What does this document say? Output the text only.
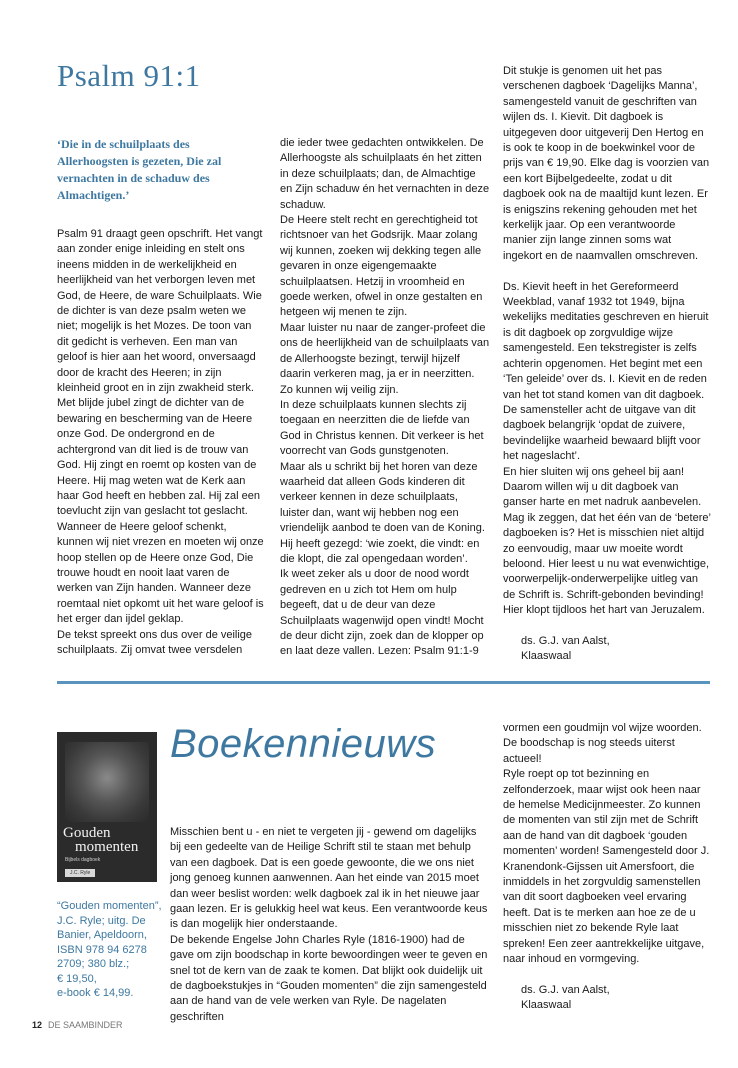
Psalm 91:1

‘Die in de schuilplaats des Allerhoogsten is gezeten, Die zal vernachten in de schaduw des Almachtigen.’

Psalm 91 draagt geen opschrift. Het vangt aan zonder enige inleiding en stelt ons ineens midden in de werkelijkheid en heerlijkheid van het verborgen leven met God, de Heere, de ware Schuilplaats. Wie de dichter is van deze psalm weten we niet; mogelijk is het Mozes. De toon van dit gedicht is verheven. Een man van geloof is hier aan het woord, onversaagd door de kracht des Heeren; in zijn kleinheid groot en in zijn zwakheid sterk.

Met blijde jubel zingt de dichter van de bewaring en bescherming van de Heere onze God. De ondergrond en de achtergrond van dit lied is de trouw van God. Hij zingt en roemt op kosten van de Heere. Hij mag weten wat de Kerk aan haar God heeft en hebben zal. Hij zal een toevlucht zijn van geslacht tot geslacht.

Wanneer de Heere geloof schenkt, kunnen wij niet vrezen en moeten wij onze hoop stellen op de Heere onze God, Die trouwe houdt en nooit laat varen de werken van Zijn handen. Wanneer deze roemtaal niet opkomt uit het ware geloof is het erger dan ijdel geklap.

De tekst spreekt ons dus over de veilige schuilplaats. Zij omvat twee versdelen

die ieder twee gedachten ontwikkelen. De Allerhoogste als schuilplaats én het zitten in deze schuilplaats; dan, de Almachtige en Zijn schaduw én het vernachten in deze schaduw.

De Heere stelt recht en gerechtigheid tot richtsnoer van het Godsrijk. Maar zolang wij kunnen, zoeken wij dekking tegen alle gevaren in onze eigengemaakte schuilplaatsen. Hetzij in vroomheid en goede werken, ofwel in onze gestalten en hetgeen wij menen te zijn.

Maar luister nu naar de zanger-profeet die ons de heerlijkheid van de schuilplaats van de Allerhoogste bezingt, terwijl hijzelf daarin verkeren mag, ja er in neerzitten. Zo kunnen wij veilig zijn.

In deze schuilplaats kunnen slechts zij toegaan en neerzitten die de liefde van God in Christus kennen. Dit verkeer is het voorrecht van Gods gunstgenoten.

Maar als u schrikt bij het horen van deze waarheid dat alleen Gods kinderen dit verkeer kennen in deze schuilplaats, luister dan, want wij hebben nog een vriendelijk aanbod te doen van de Koning. Hij heeft gezegd: ‘wie zoekt, die vindt: en die klopt, die zal opengedaan worden’.

Ik weet zeker als u door de nood wordt gedreven en u zich tot Hem om hulp begeeft, dat u de deur van deze Schuilplaats wagenwijd open vindt! Mocht de deur dicht zijn, zoek dan de klopper op en laat deze vallen. Lezen: Psalm 91:1-9

Dit stukje is genomen uit het pas verschenen dagboek ‘Dagelijks Manna’, samengesteld vanuit de geschriften van wijlen ds. I. Kievit. Dit dagboek is uitgegeven door uitgeverij Den Hertog en is ook te koop in de boekwinkel voor de prijs van € 19,90. Elke dag is voorzien van een kort Bijbelgedeelte, zodat u dit dagboek ook na de maaltijd kunt lezen. Er is enigszins rekening gehouden met het kerkelijk jaar. Op een verantwoorde manier zijn lange zinnen soms wat ingekort en de naamvallen omschreven.

Ds. Kievit heeft in het Gereformeerd Weekblad, vanaf 1932 tot 1949, bijna wekelijks meditaties geschreven en hieruit is dit dagboek op zorgvuldige wijze samengesteld. Een tekstregister is zelfs achterin opgenomen. Het begint met een ‘Ten geleide’ over ds. I. Kievit en de reden van het tot stand komen van dit dagboek. De samensteller acht de uitgave van dit dagboek belangrijk ‘opdat de zuivere, bevindelijke waarheid bewaard blijft voor het nageslacht’.

En hier sluiten wij ons geheel bij aan! Daarom willen wij u dit dagboek van ganser harte en met nadruk aanbevelen. Mag ik zeggen, dat het één van de ‘betere’ dagboeken is? Het is misschien niet altijd zo eenvoudig, maar uw moeite wordt beloond. Hier leest u nu wat evenwichtige, voorwerpelijk-onderwerpelijke uitleg van de Schrift is. Schrift-gebonden bevinding! Hier klopt tijdloos het hart van Jeruzalem.

ds. G.J. van Aalst,

Klaaswaal

Gouden
momenten
Bijbels dagboek
J.C. Ryle

“Gouden momenten”,

J.C. Ryle; uitg. De

Banier, Apeldoorn,

ISBN 978 94 6278

2709; 380 blz.;

€ 19,50,

e-book € 14,99.

Boekennieuws

Misschien bent u - en niet te vergeten jij - gewend om dagelijks bij een gedeelte van de Heilige Schrift stil te staan met behulp van een dagboek. Dat is een goede gewoonte, die we ons niet jong genoeg kunnen aanwennen. Aan het einde van 2015 moet dan weer beslist worden: welk dagboek zal ik in het nieuwe jaar gaan lezen. Er is gelukkig heel wat keus. Een verantwoorde keus is dan mogelijk hier onderstaande.

De bekende Engelse John Charles Ryle (1816-1900) had de gave om zijn boodschap in korte bewoordingen weer te geven en snel tot de kern van de zaak te komen. Dat blijkt ook duidelijk uit de dagboekstukjes in “Gouden momenten” die zijn samengesteld aan de hand van de vele werken van Ryle. De nagelaten geschriften

vormen een goudmijn vol wijze woorden. De boodschap is nog steeds uiterst actueel!

Ryle roept op tot bezinning en zelfonderzoek, maar wijst ook heen naar de hemelse Medicijnmeester. Zo kunnen de momenten van stil zijn met de Schrift aan de hand van dit dagboek ‘gouden momenten’ worden! Samengesteld door J. Kranendonk-Gijssen uit Amersfoort, die inmiddels in het zorgvuldig samenstellen van dit soort dagboeken veel ervaring heeft. Dat is te merken aan hoe ze de u misschien niet zo bekende Ryle laat spreken! Een zeer aantrekkelijke uitgave, naar inhoud en vormgeving.

ds. G.J. van Aalst,

Klaaswaal

12 DE SAAMBINDER
